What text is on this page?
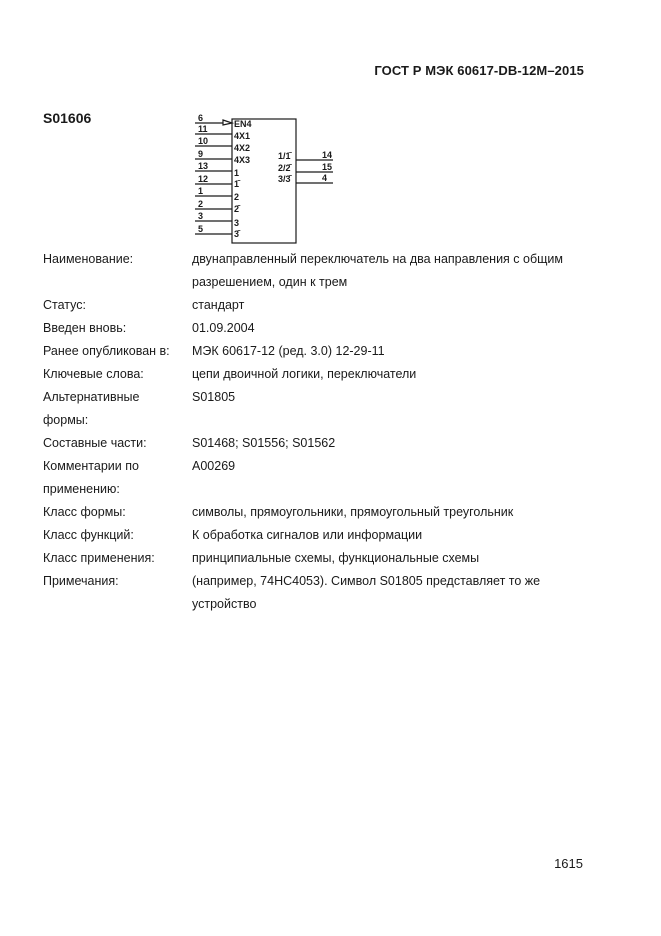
ГОСТ Р МЭК 60617-DB-12M–2015
S01606	EN4
4X1
4X2
4X3
1
1̄
2
2̄
3
3̄
6
11
10
9
13
12
1
2
3
5
1/1̄
2/2̄
3/3̄
14
15
4
Наименование:	двунаправленный переключатель на два направления с общим разрешением, один к трем
Статус:	стандарт
Введен вновь:	01.09.2004
Ранее опубликован в:	МЭК 60617-12 (ред. 3.0) 12-29-11
Ключевые слова:	цепи двоичной логики, переключатели
Альтернативные формы:
S01805
Составные части:	S01468; S01556; S01562
Комментарии по применению:
A00269
Класс формы:	символы, прямоугольники, прямоугольный треугольник
Класс функций:	К обработка сигналов или информации
Класс применения:	принципиальные схемы, функциональные схемы
Примечания:	(например, 74HC4053). Символ S01805 представляет то же устройство
1615
